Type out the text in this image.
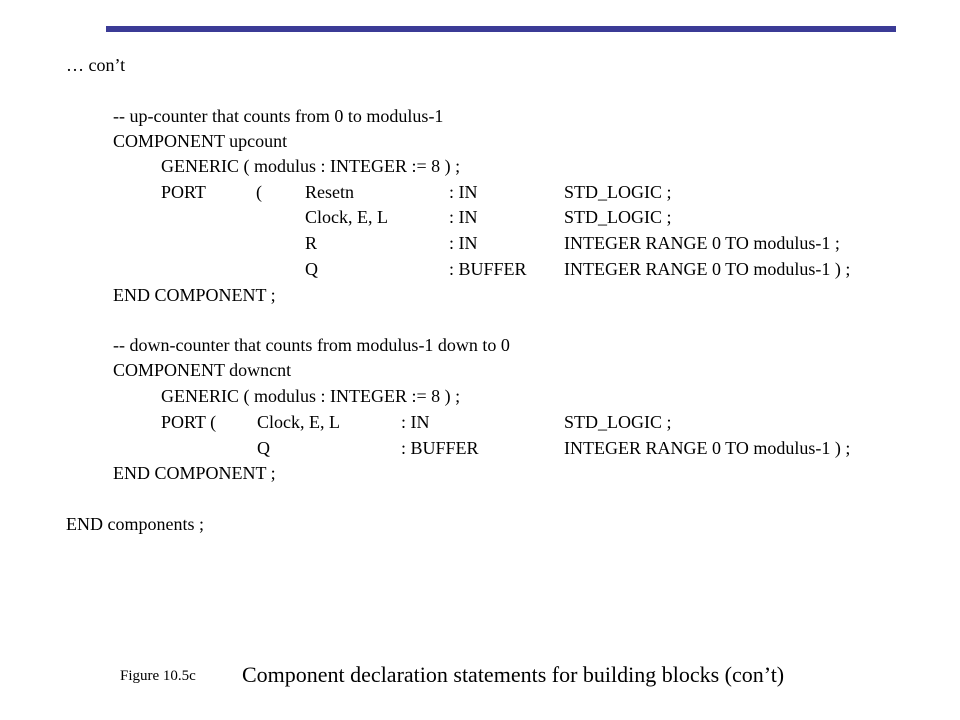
… con’t
-- up-counter that counts from 0 to modulus-1
COMPONENT upcount
GENERIC ( modulus : INTEGER := 8 ) ;
PORT	( Resetn	: IN	STD_LOGIC ;
Clock, E, L	: IN	STD_LOGIC ;
R	: IN	INTEGER RANGE 0 TO modulus-1 ;
Q	: BUFFER INTEGER RANGE 0 TO modulus-1 ) ;
END COMPONENT ;
-- down-counter that counts from modulus-1 down to 0
COMPONENT downcnt
GENERIC ( modulus : INTEGER := 8 ) ;
PORT ( Clock, E, L	: IN	STD_LOGIC ;
Q	: BUFFER	INTEGER RANGE 0 TO modulus-1 ) ;
END COMPONENT ;
END components ;
Figure 10.5c Component declaration statements for building blocks (con’t)
